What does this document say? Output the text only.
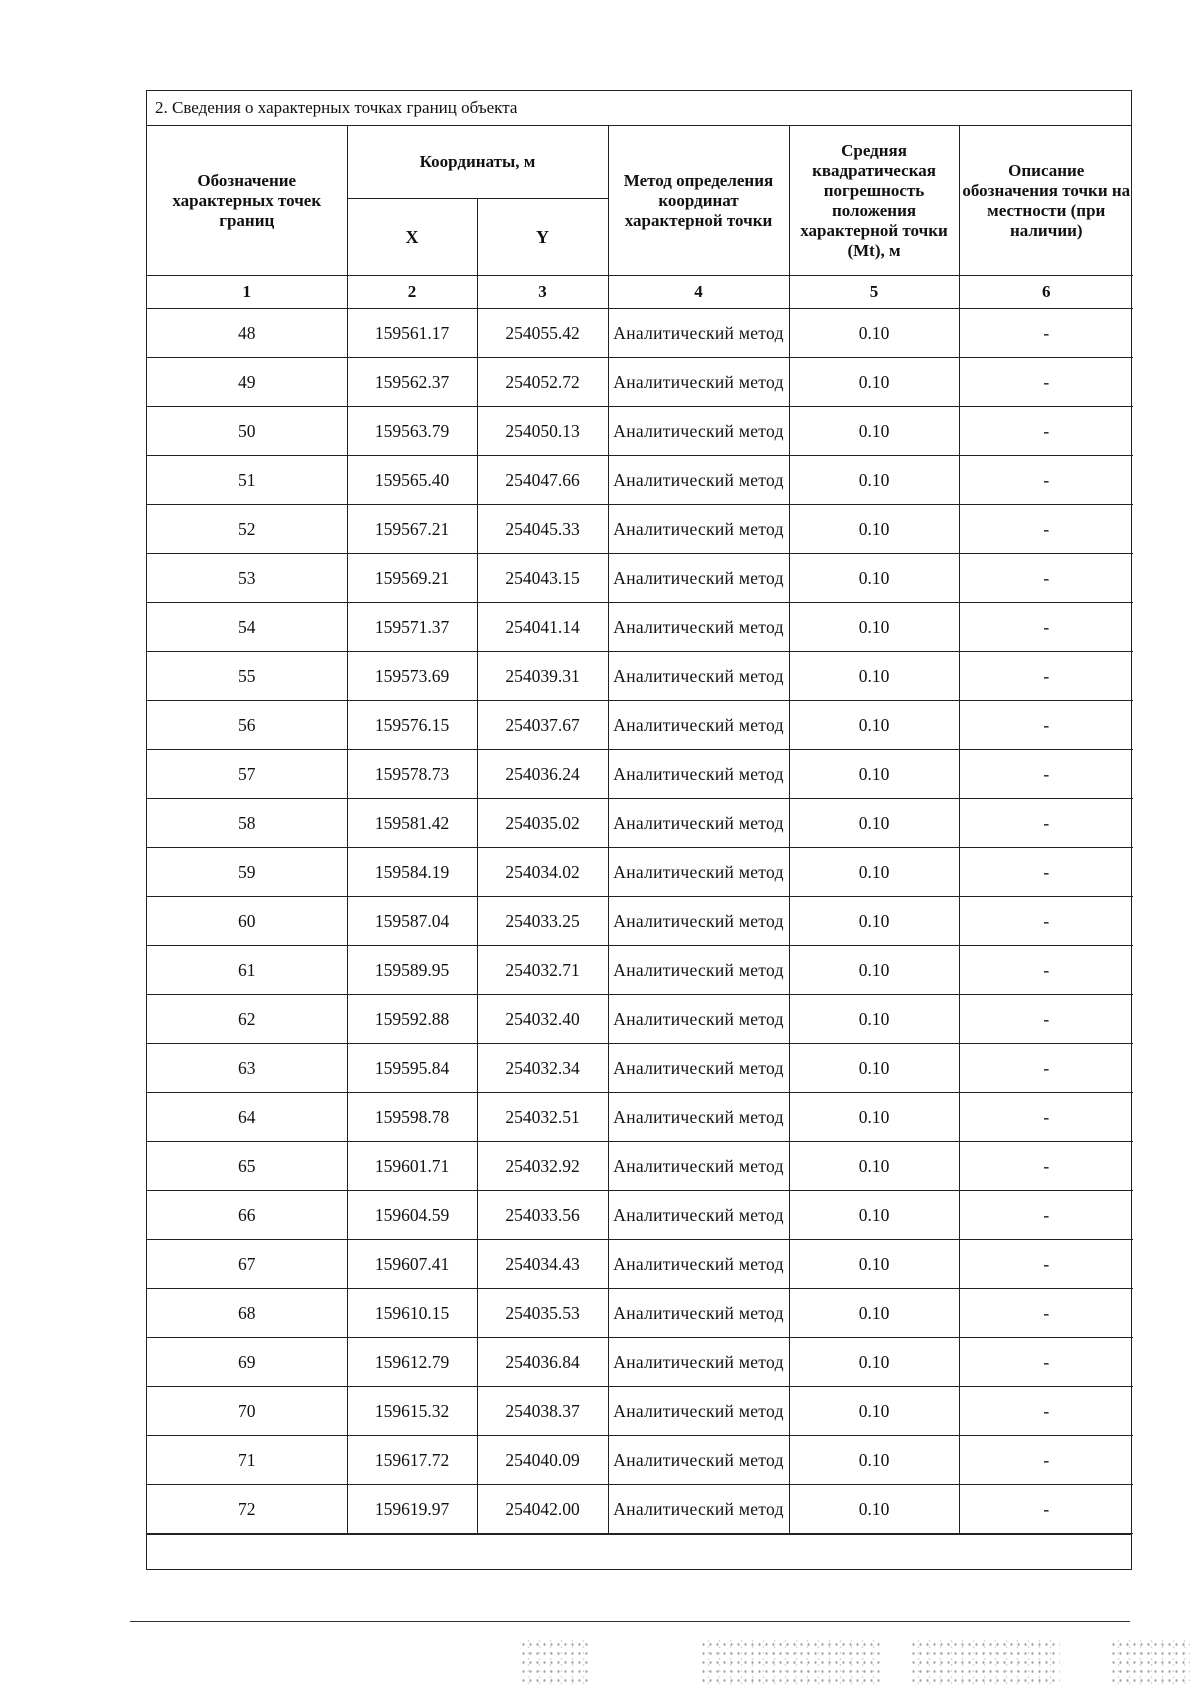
2. Сведения о характерных точках границ объекта
Обозначение характерных точек границ	Координаты, м		Метод определения координат характерной точки	Средняя квадратическая погрешность положения характерной точки (Mt), м	Описание обозначения точки на местности (при наличии)
	X	Y			
1	2	3	4	5	6
48	159561.17	254055.42	Аналитический метод	0.10	-
49	159562.37	254052.72	Аналитический метод	0.10	-
50	159563.79	254050.13	Аналитический метод	0.10	-
51	159565.40	254047.66	Аналитический метод	0.10	-
52	159567.21	254045.33	Аналитический метод	0.10	-
53	159569.21	254043.15	Аналитический метод	0.10	-
54	159571.37	254041.14	Аналитический метод	0.10	-
55	159573.69	254039.31	Аналитический метод	0.10	-
56	159576.15	254037.67	Аналитический метод	0.10	-
57	159578.73	254036.24	Аналитический метод	0.10	-
58	159581.42	254035.02	Аналитический метод	0.10	-
59	159584.19	254034.02	Аналитический метод	0.10	-
60	159587.04	254033.25	Аналитический метод	0.10	-
61	159589.95	254032.71	Аналитический метод	0.10	-
62	159592.88	254032.40	Аналитический метод	0.10	-
63	159595.84	254032.34	Аналитический метод	0.10	-
64	159598.78	254032.51	Аналитический метод	0.10	-
65	159601.71	254032.92	Аналитический метод	0.10	-
66	159604.59	254033.56	Аналитический метод	0.10	-
67	159607.41	254034.43	Аналитический метод	0.10	-
68	159610.15	254035.53	Аналитический метод	0.10	-
69	159612.79	254036.84	Аналитический метод	0.10	-
70	159615.32	254038.37	Аналитический метод	0.10	-
71	159617.72	254040.09	Аналитический метод	0.10	-
72	159619.97	254042.00	Аналитический метод	0.10	-
